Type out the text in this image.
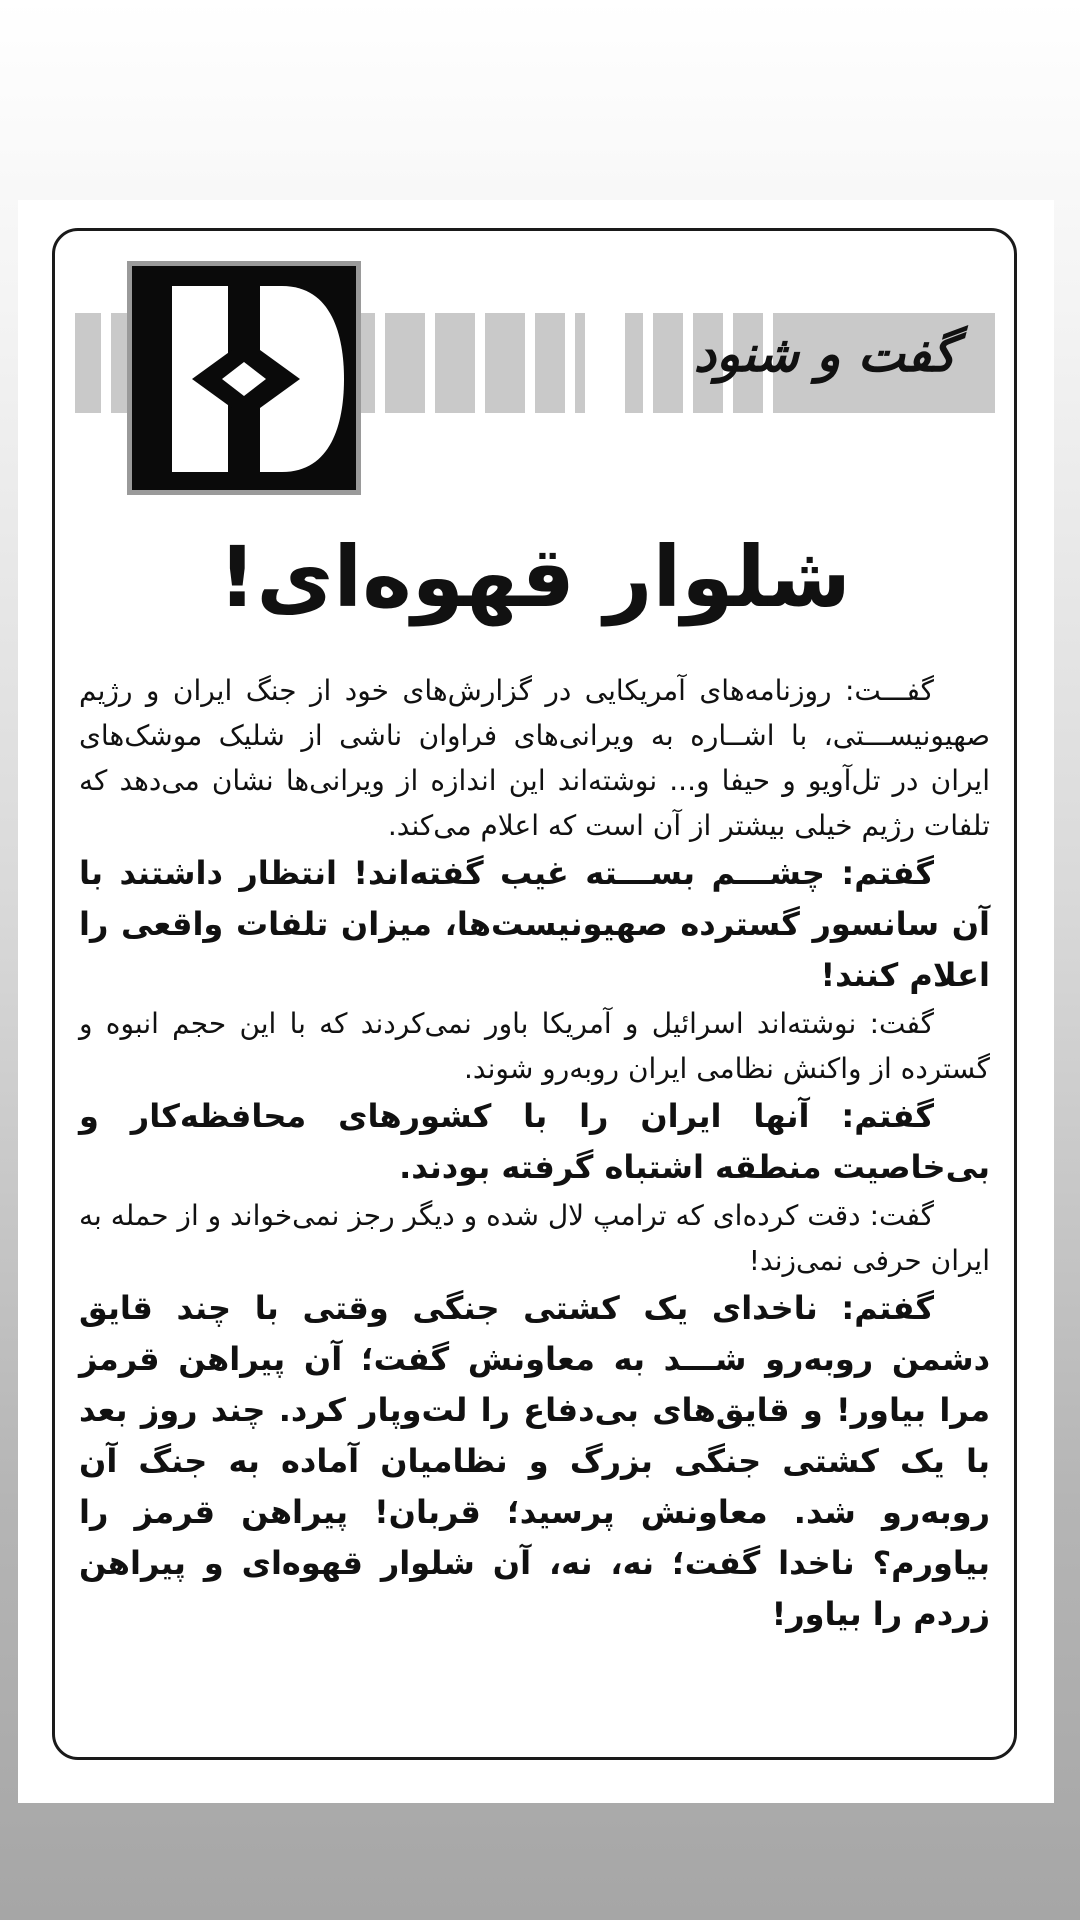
گفت و شنود
شلوار قهوه‌ای!

گفـــت: روزنامه‌های آمریکایی در گزارش‌های خود از جنگ ایران و رژیم صهیونیســـتی، با اشــاره به ویرانی‌های فراوان ناشی از شلیک موشک‌های ایران در تل‌آویو و حیفا و... نوشته‌اند این اندازه از ویرانی‌ها نشان می‌دهد که تلفات رژیم خیلی بیشتر از آن است که اعلام می‌کند.

گفتم: چشـــم بســـته غیب گفته‌اند! انتظار داشتند با آن سانسور گسترده صهیونیست‌ها، میزان تلفات واقعی را اعلام کنند!

گفت: نوشته‌اند اسرائیل و آمریکا باور نمی‌کردند که با این حجم انبوه و گسترده از واکنش نظامی ایران روبه‌رو شوند.

گفتم: آنها ایران را با کشورهای محافظه‌کار و بی‌خاصیت منطقه اشتباه گرفته بودند.

گفت: دقت کرده‌ای که ترامپ لال شده و دیگر رجز نمی‌خواند و از حمله به ایران حرفی نمی‌زند!

گفتم: ناخدای یک کشتی جنگی وقتی با چند قایق دشمن روبه‌رو شـــد به معاونش گفت؛ آن پیراهن قرمز مرا بیاور! و قایق‌های بی‌دفاع را لت‌وپار کرد. چند روز بعد با یک کشتی جنگی بزرگ و نظامیان آماده به جنگ آن روبه‌رو شد. معاونش پرسید؛ قربان! پیراهن قرمز را بیاورم؟ ناخدا گفت؛ نه، نه، آن شلوار قهوه‌ای و پیراهن زردم را بیاور!
